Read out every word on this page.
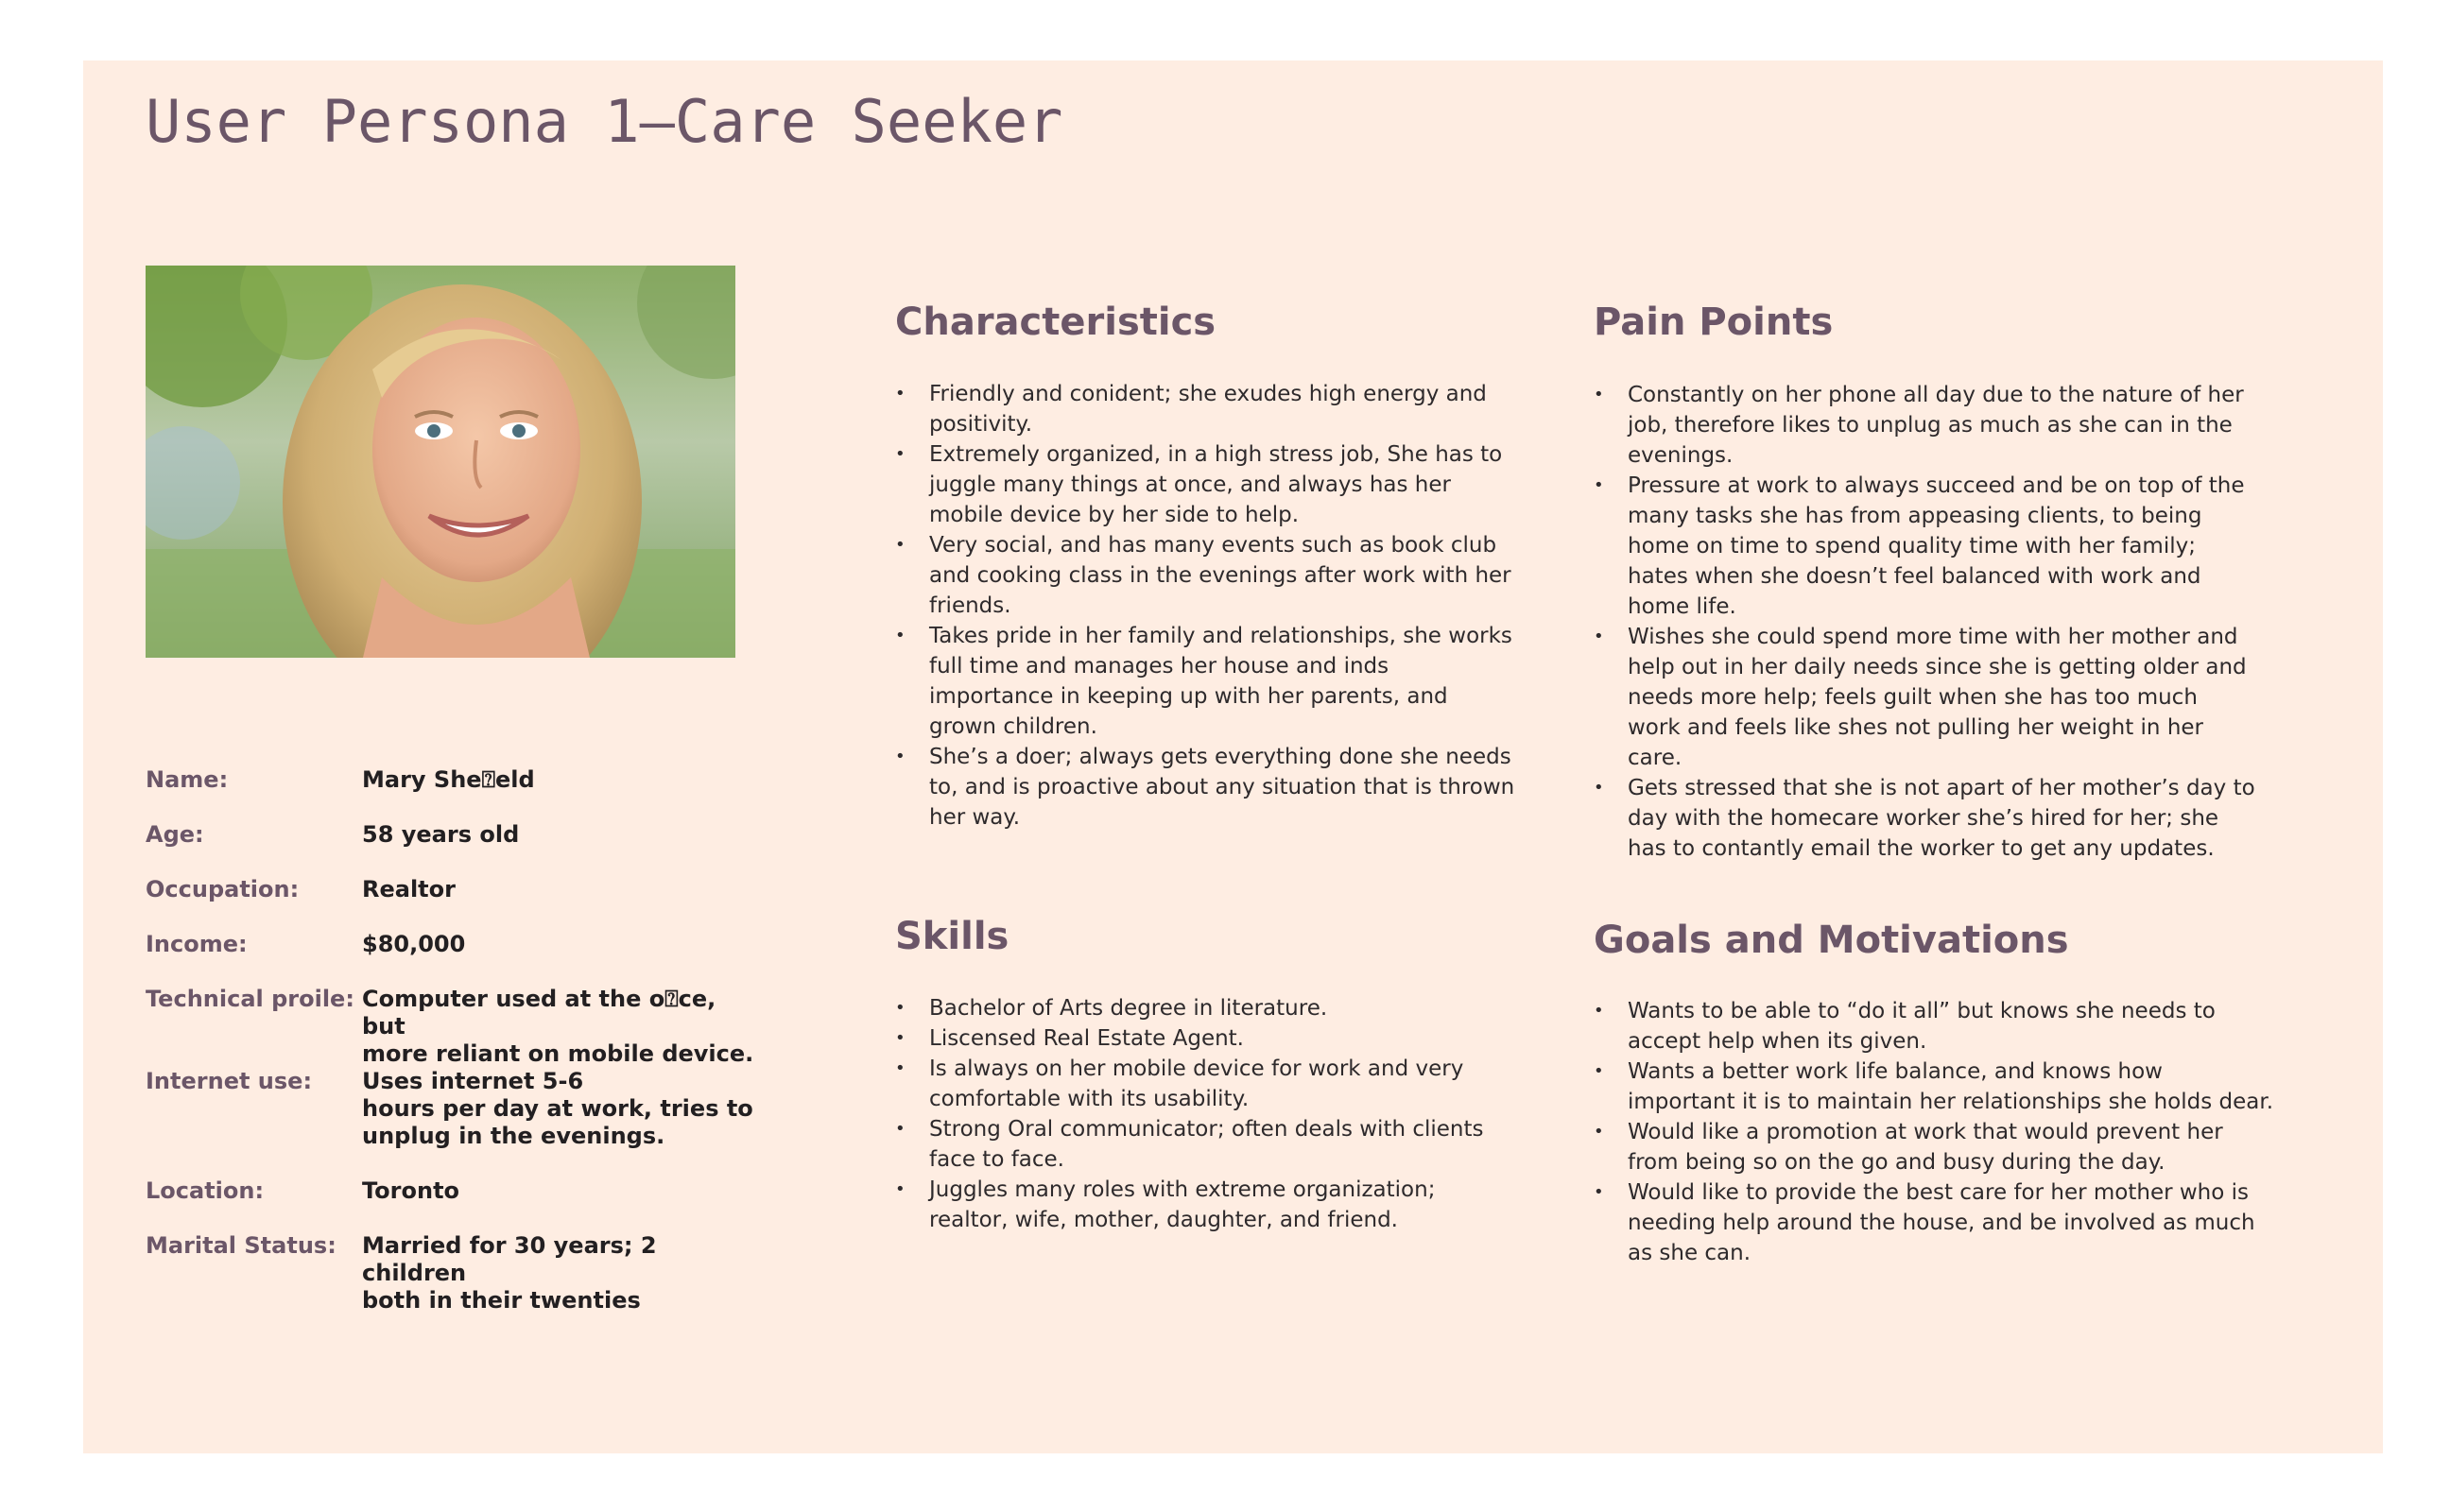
User Persona 1—Care Seeker
Name:	Mary She⍰eld
Age:	58 years old
Occupation:	Realtor
Income:	$80,000
Technical proile: Computer used at the o⍰ce, but
more reliant on mobile device.
Internet use: Uses internet 5-6
hours per day at work, tries to
unplug in the evenings.
Location:	Toronto
Marital Status: Married for 30 years; 2 children
both in their twenties
Characteristics
• Friendly and conident; she exudes high energy and positivity.
• Extremely organized, in a high stress job, She has to juggle many things at once, and always has her mobile device by her side to help.
• Very social, and has many events such as book club and cooking class in the evenings after work with her friends.
• Takes pride in her family and relationships, she works full time and manages her house and inds importance in keeping up with her parents, and grown children.
• She’s a doer; always gets everything done she needs to, and is proactive about any situation that is thrown her way.
Pain Points
• Constantly on her phone all day due to the nature of her job, therefore likes to unplug as much as she can in the evenings.
• Pressure at work to always succeed and be on top of the many tasks she has from appeasing clients, to being home on time to spend quality time with her family; hates when she doesn’t feel balanced with work and home life.
• Wishes she could spend more time with her mother and help out in her daily needs since she is getting older and needs more help; feels guilt when she has too much work and feels like shes not pulling her weight in her care.
• Gets stressed that she is not apart of her mother’s day to day with the homecare worker she’s hired for her; she has to contantly email the worker to get any updates.
Skills
• Bachelor of Arts degree in literature.
• Liscensed Real Estate Agent.
• Is always on her mobile device for work and very comfortable with its usability.
• Strong Oral communicator; often deals with clients face to face.
• Juggles many roles with extreme organization; realtor, wife, mother, daughter, and friend.
Goals and Motivations
• Wants to be able to “do it all” but knows she needs to accept help when its given.
• Wants a better work life balance, and knows how important it is to maintain her relationships she holds dear.
• Would like a promotion at work that would prevent her from being so on the go and busy during the day.
• Would like to provide the best care for her mother who is needing help around the house, and be involved as much as she can.
